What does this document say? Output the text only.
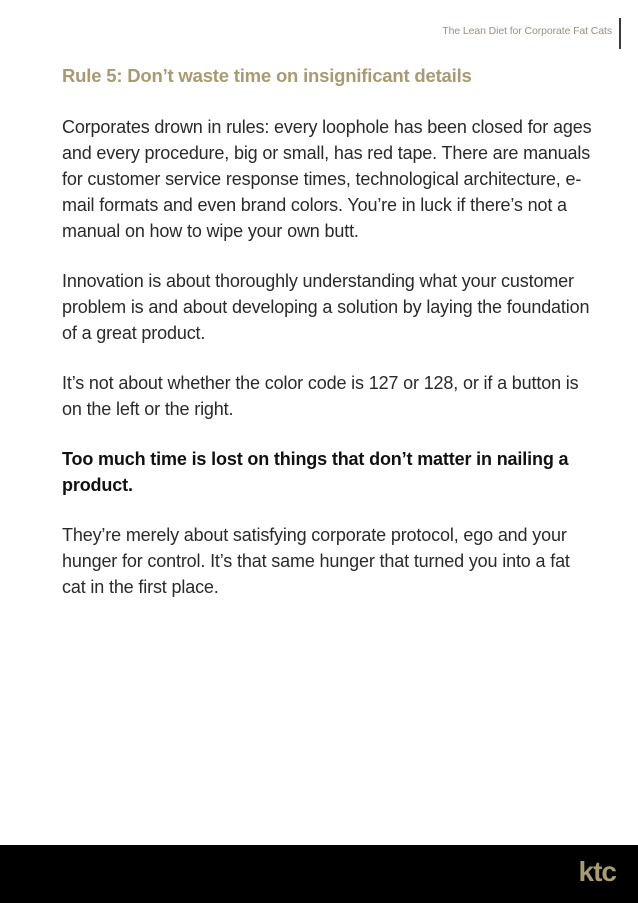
The Lean Diet for Corporate Fat Cats
Rule 5: Don’t waste time on insignificant details

Corporates drown in rules: every loophole has been closed for ages and every procedure, big or small, has red tape. There are manuals for customer service response times, technological architecture, e-mail formats and even brand colors. You’re in luck if there’s not a manual on how to wipe your own butt.

Innovation is about thoroughly understanding what your customer problem is and about developing a solution by laying the foundation of a great product.

It’s not about whether the color code is 127 or 128, or if a button is on the left or the right.

Too much time is lost on things that don’t matter in nailing a product.

They’re merely about satisfying corporate protocol, ego and your hunger for control. It’s that same hunger that turned you into a fat cat in the first place.

ktc
